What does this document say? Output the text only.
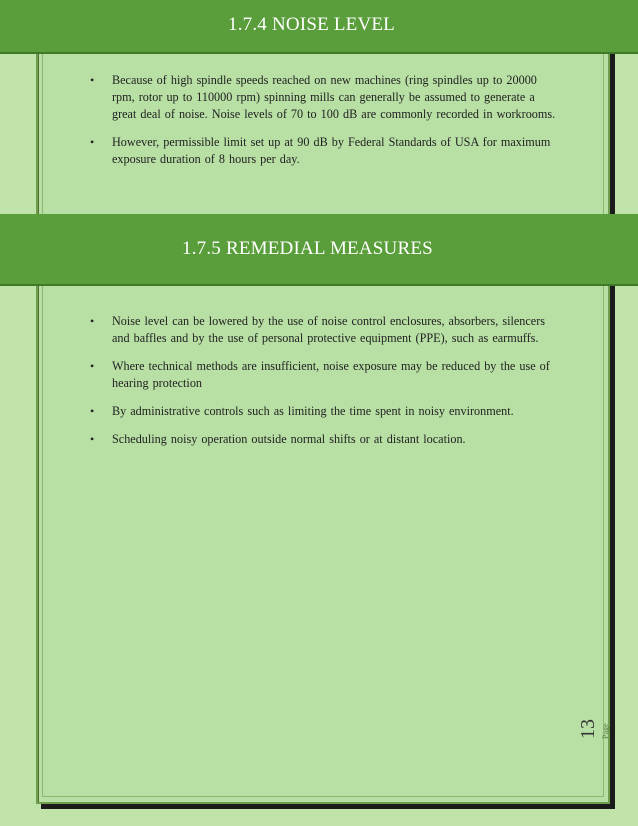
1.7.4 NOISE LEVEL
• Because of high spindle speeds reached on new machines (ring spindles up to 20000 rpm, rotor up to 110000 rpm) spinning mills can generally be assumed to generate a great deal of noise. Noise levels of 70 to 100 dB are commonly recorded in workrooms.
• However, permissible limit set up at 90 dB by Federal Standards of USA for maximum exposure duration of 8 hours per day.
1.7.5 REMEDIAL MEASURES
• Noise level can be lowered by the use of noise control enclosures, absorbers, silencers and baffles and by the use of personal protective equipment (PPE), such as earmuffs.
• Where technical methods are insufficient, noise exposure may be reduced by the use of hearing protection
• By administrative controls such as limiting the time spent in noisy environment.
• Scheduling noisy operation outside normal shifts or at distant location.
13 Page
